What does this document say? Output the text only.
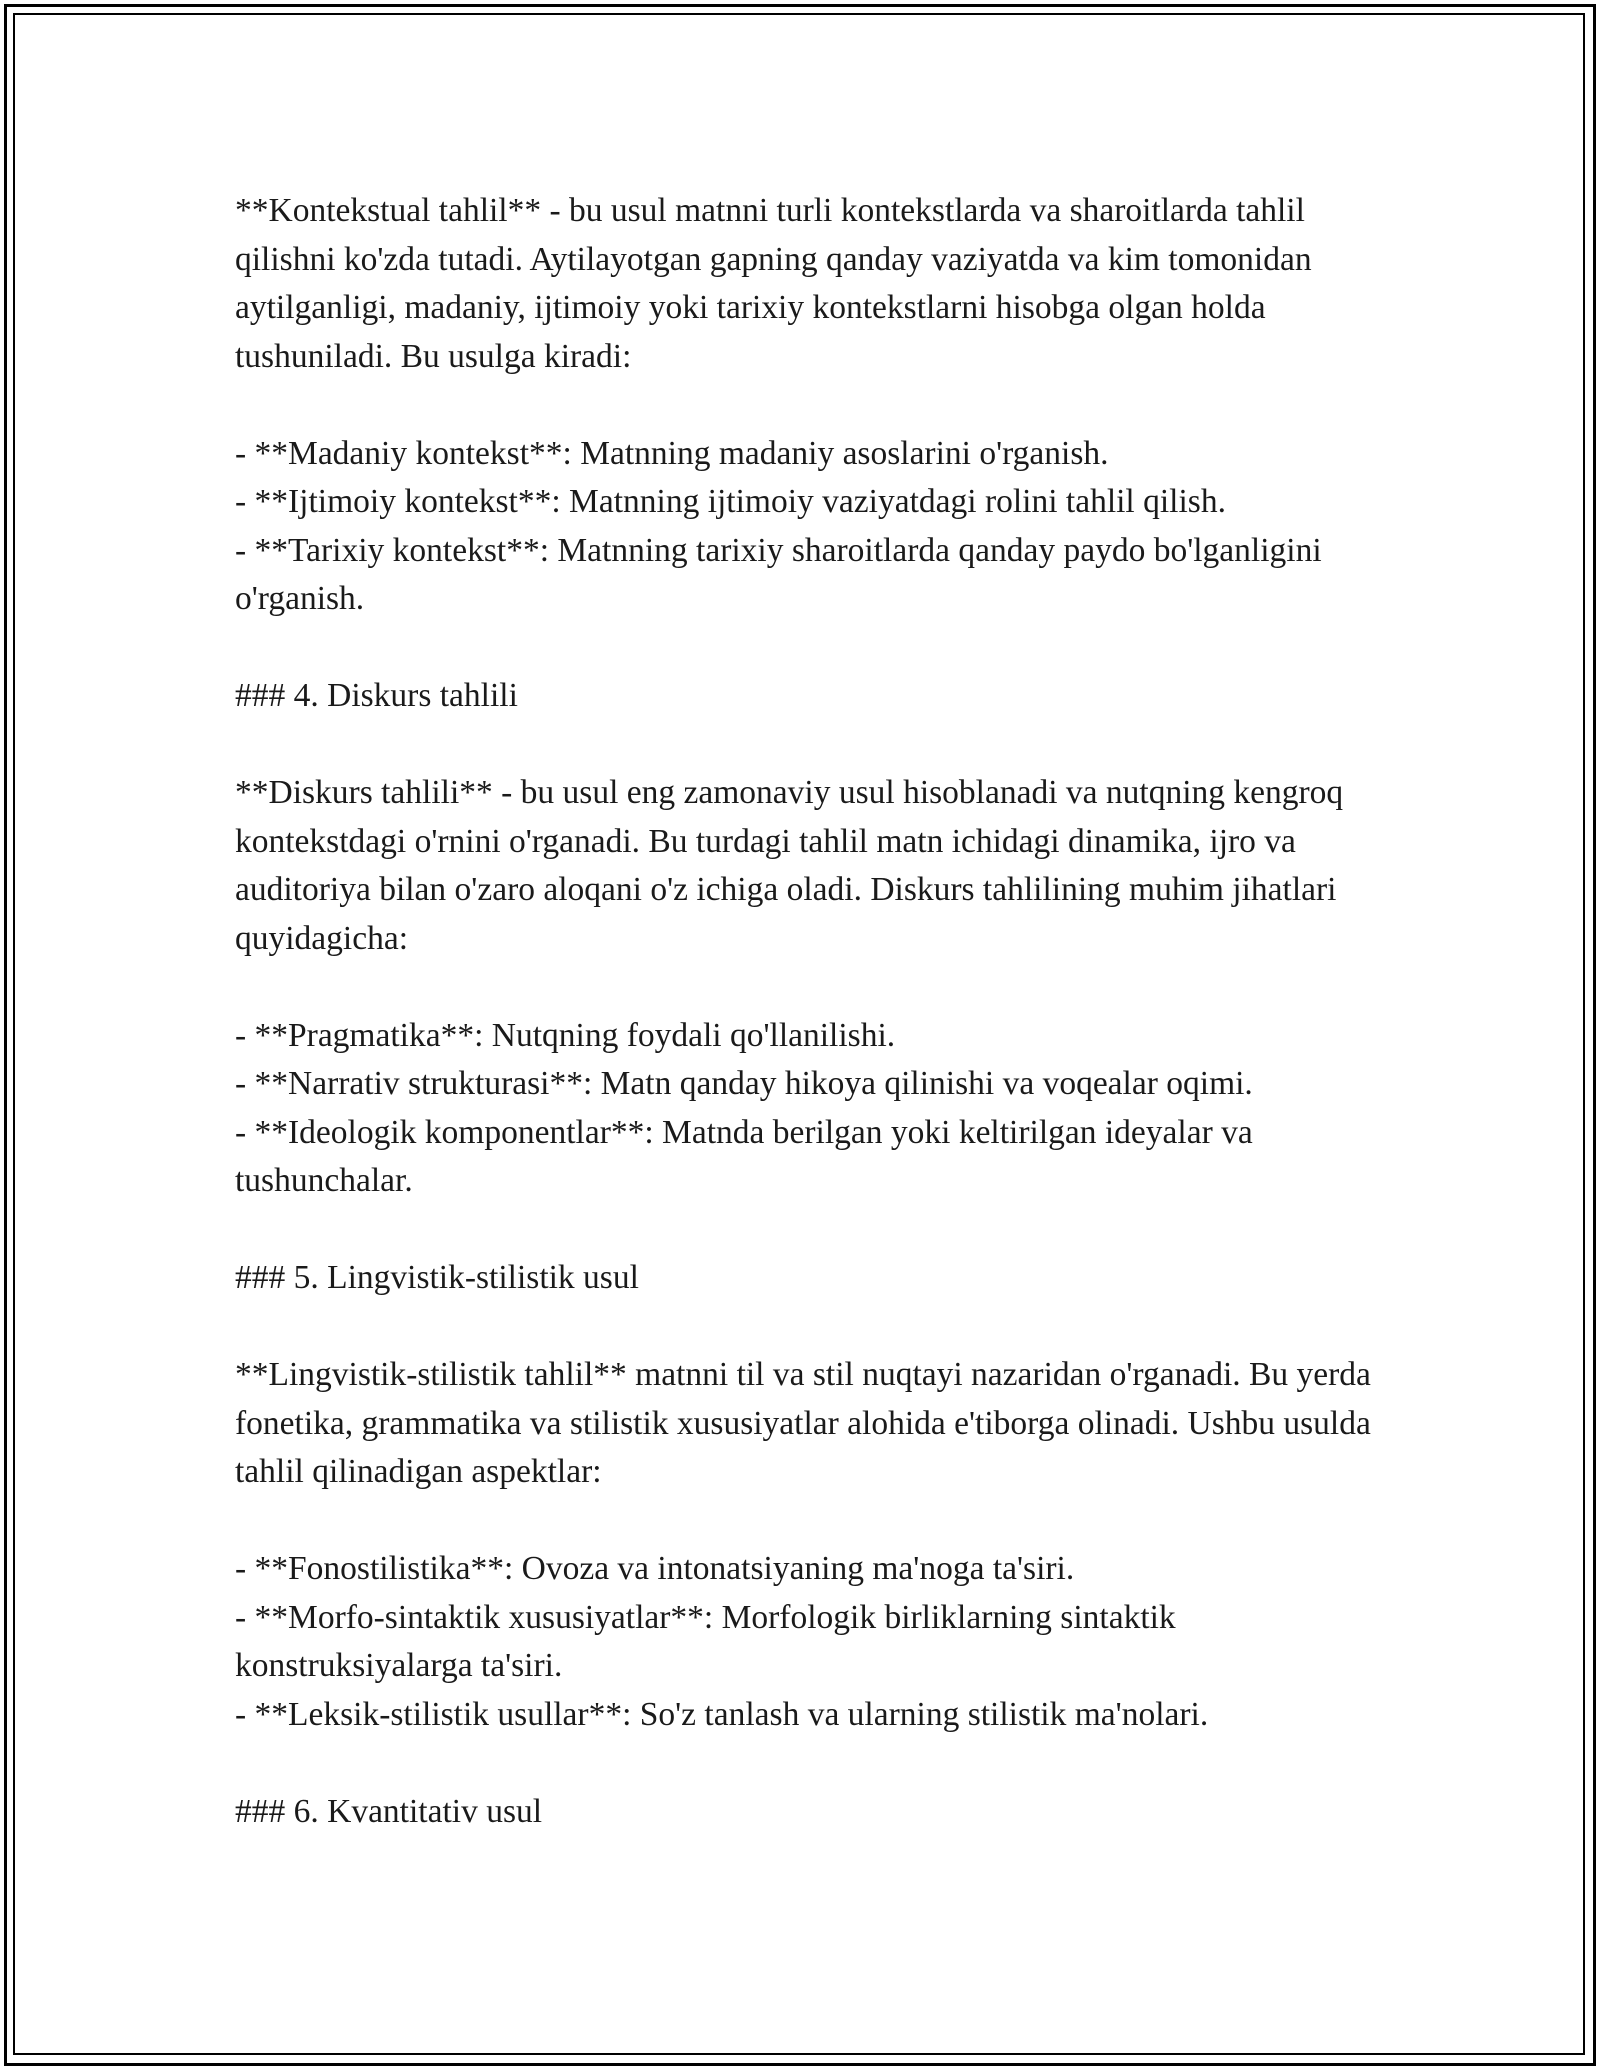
**Kontekstual tahlil** - bu usul matnni turli kontekstlarda va sharoitlarda tahlil qilishni ko'zda tutadi. Aytilayotgan gapning qanday vaziyatda va kim tomonidan aytilganligi, madaniy, ijtimoiy yoki tarixiy kontekstlarni hisobga olgan holda tushuniladi. Bu usulga kiradi:

- **Madaniy kontekst**: Matnning madaniy asoslarini o'rganish.

- **Ijtimoiy kontekst**: Matnning ijtimoiy vaziyatdagi rolini tahlil qilish.

- **Tarixiy kontekst**: Matnning tarixiy sharoitlarda qanday paydo bo'lganligini o'rganish.

### 4. Diskurs tahlili

**Diskurs tahlili** - bu usul eng zamonaviy usul hisoblanadi va nutqning kengroq kontekstdagi o'rnini o'rganadi. Bu turdagi tahlil matn ichidagi dinamika, ijro va auditoriya bilan o'zaro aloqani o'z ichiga oladi. Diskurs tahlilining muhim jihatlari quyidagicha:

- **Pragmatika**: Nutqning foydali qo'llanilishi.

- **Narrativ strukturasi**: Matn qanday hikoya qilinishi va voqealar oqimi.

- **Ideologik komponentlar**: Matnda berilgan yoki keltirilgan ideyalar va tushunchalar.

### 5. Lingvistik-stilistik usul

**Lingvistik-stilistik tahlil** matnni til va stil nuqtayi nazaridan o'rganadi. Bu yerda fonetika, grammatika va stilistik xususiyatlar alohida e'tiborga olinadi. Ushbu usulda tahlil qilinadigan aspektlar:

- **Fonostilistika**: Ovoza va intonatsiyaning ma'noga ta'siri.

- **Morfo-sintaktik xususiyatlar**: Morfologik birliklarning sintaktik konstruksiyalarga ta'siri.

- **Leksik-stilistik usullar**: So'z tanlash va ularning stilistik ma'nolari.

### 6. Kvantitativ usul
